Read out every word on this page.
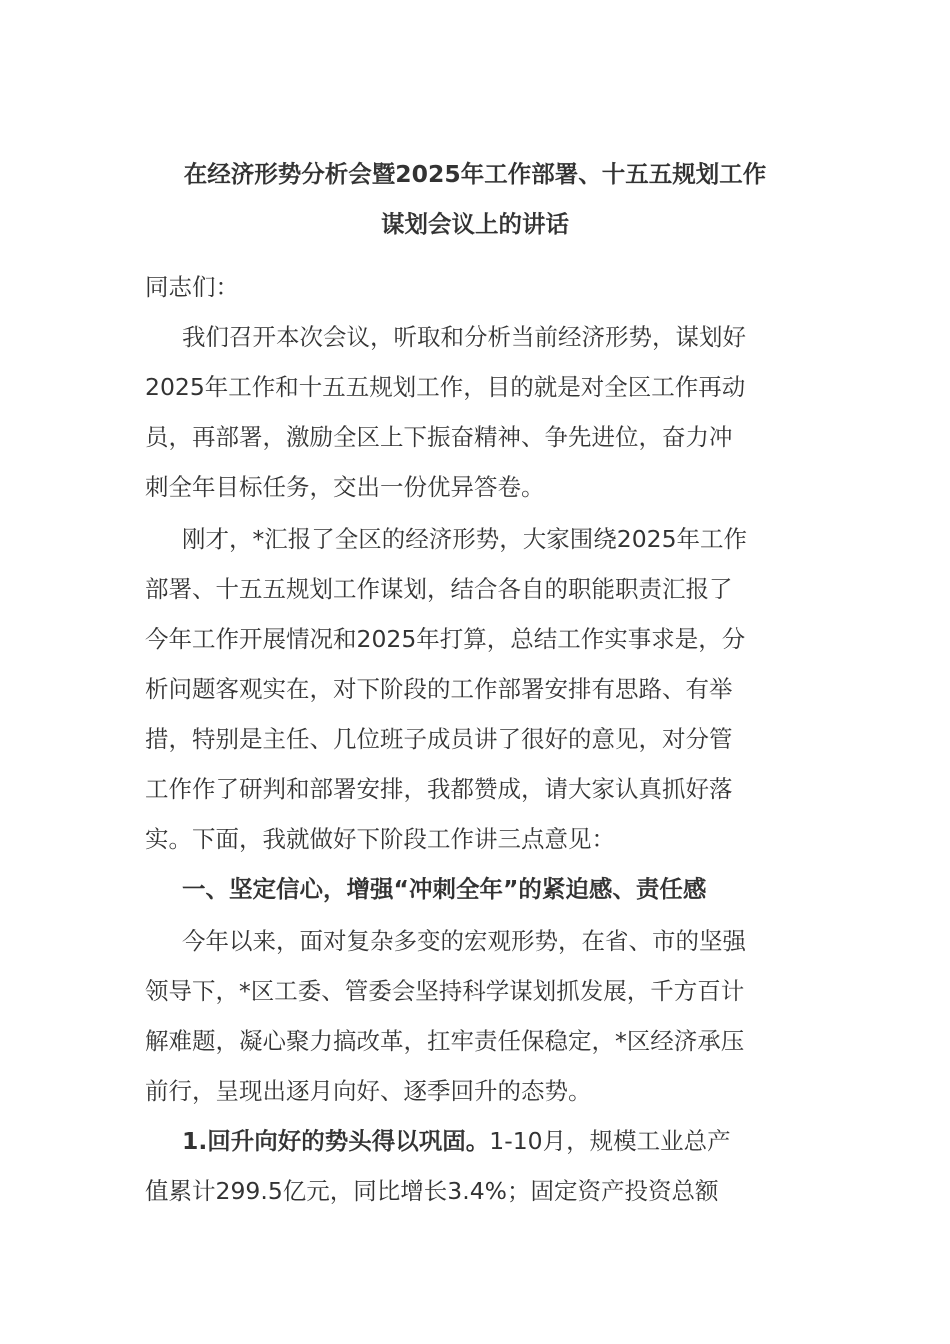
在经济形势分析会暨2025年工作部署、十五五规划工作
谋划会议上的讲话
同志们：
我们召开本次会议，听取和分析当前经济形势，谋划好
2025年工作和十五五规划工作，目的就是对全区工作再动
员，再部署，激励全区上下振奋精神、争先进位，奋力冲
刺全年目标任务，交出一份优异答卷。
刚才，*汇报了全区的经济形势，大家围绕2025年工作
部署、十五五规划工作谋划，结合各自的职能职责汇报了
今年工作开展情况和2025年打算，总结工作实事求是，分
析问题客观实在，对下阶段的工作部署安排有思路、有举
措，特别是主任、几位班子成员讲了很好的意见，对分管
工作作了研判和部署安排，我都赞成，请大家认真抓好落
实。下面，我就做好下阶段工作讲三点意见：
一、坚定信心，增强“冲刺全年”的紧迫感、责任感
今年以来，面对复杂多变的宏观形势，在省、市的坚强
领导下，*区工委、管委会坚持科学谋划抓发展，千方百计
解难题，凝心聚力搞改革，扛牢责任保稳定，*区经济承压
前行，呈现出逐月向好、逐季回升的态势。
1.回升向好的势头得以巩固。1-10月，规模工业总产
值累计299.5亿元，同比增长3.4%；固定资产投资总额
